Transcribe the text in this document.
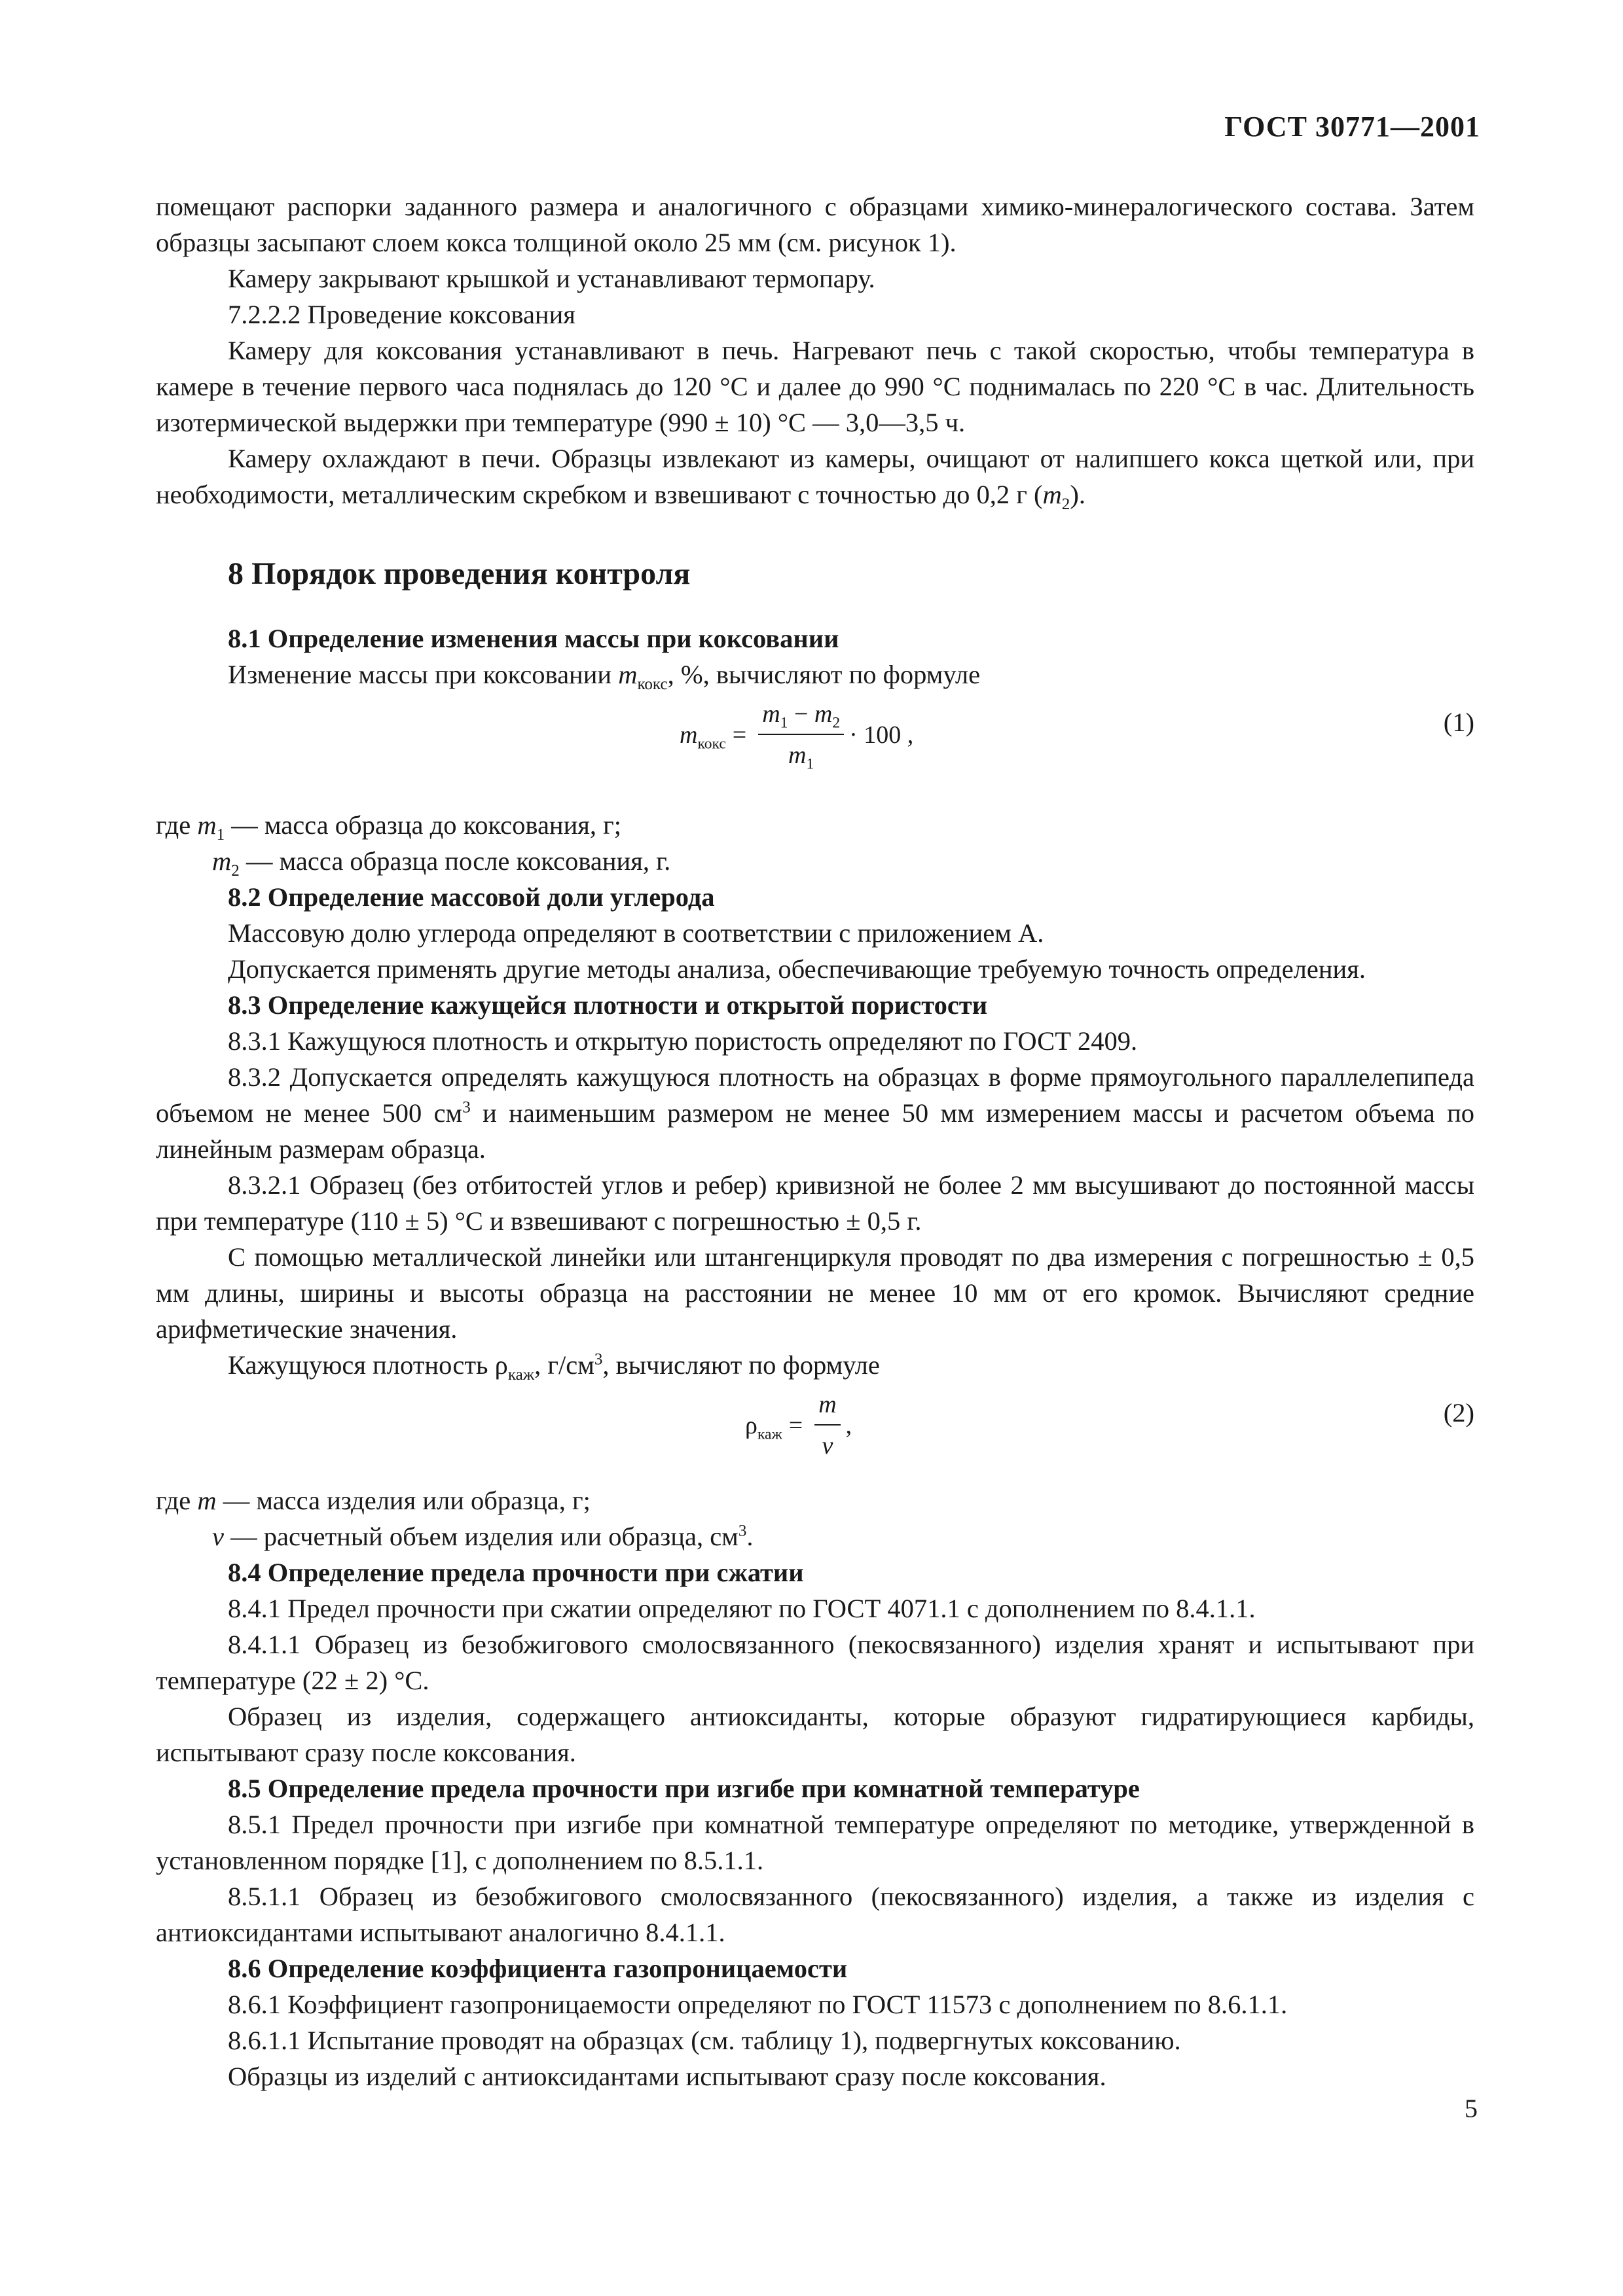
ГОСТ 30771—2001

помещают распорки заданного размера и аналогичного с образцами химико-минералогического состава. Затем образцы засыпают слоем кокса толщиной около 25 мм (см. рисунок 1).

Камеру закрывают крышкой и устанавливают термопару.

7.2.2.2 Проведение коксования

Камеру для коксования устанавливают в печь. Нагревают печь с такой скоростью, чтобы температура в камере в течение первого часа поднялась до 120 °С и далее до 990 °С поднималась по 220 °С в час. Длительность изотермической выдержки при температуре (990 ± 10) °С — 3,0—3,5 ч.

Камеру охлаждают в печи. Образцы извлекают из камеры, очищают от налипшего кокса щеткой или, при необходимости, металлическим скребком и взвешивают с точностью до 0,2 г $(m_2)$.

8 Порядок проведения контроля

8.1 Определение изменения массы при коксовании

Изменение массы при коксовании $m_{кокс}$, %, вычисляют по формуле

$m_{кокс} = \frac{m_1 - m_2}{m_1} \cdot 100$ ,	(1)

где $m_1$ — масса образца до коксования, г;

$m_2$ — масса образца после коксования, г.

8.2 Определение массовой доли углерода

Массовую долю углерода определяют в соответствии с приложением А.

Допускается применять другие методы анализа, обеспечивающие требуемую точность определения.

8.3 Определение кажущейся плотности и открытой пористости

8.3.1 Кажущуюся плотность и открытую пористость определяют по ГОСТ 2409.

8.3.2 Допускается определять кажущуюся плотность на образцах в форме прямоугольного параллелепипеда объемом не менее 500 $см^3$ и наименьшим размером не менее 50 мм измерением массы и расчетом объема по линейным размерам образца.

8.3.2.1 Образец (без отбитостей углов и ребер) кривизной не более 2 мм высушивают до постоянной массы при температуре (110 ± 5) °С и взвешивают с погрешностью ± 0,5 г.

С помощью металлической линейки или штангенциркуля проводят по два измерения с погрешностью ± 0,5 мм длины, ширины и высоты образца на расстоянии не менее 10 мм от его кромок. Вычисляют средние арифметические значения.

Кажущуюся плотность $\rho_{каж}$, $г/см^3$, вычисляют по формуле

$\rho_{каж} = \frac{m}{v}$ ,	(2)

где m — масса изделия или образца, г;

v — расчетный объем изделия или образца, $см^3$.

8.4 Определение предела прочности при сжатии

8.4.1 Предел прочности при сжатии определяют по ГОСТ 4071.1 с дополнением по 8.4.1.1.

8.4.1.1 Образец из безобжигового смолосвязанного (пекосвязанного) изделия хранят и испытывают при температуре (22 ± 2) °С.

Образец из изделия, содержащего антиоксиданты, которые образуют гидратирующиеся карбиды, испытывают сразу после коксования.

8.5 Определение предела прочности при изгибе при комнатной температуре

8.5.1 Предел прочности при изгибе при комнатной температуре определяют по методике, утвержденной в установленном порядке [1], с дополнением по 8.5.1.1.

8.5.1.1 Образец из безобжигового смолосвязанного (пекосвязанного) изделия, а также из изделия с антиоксидантами испытывают аналогично 8.4.1.1.

8.6 Определение коэффициента газопроницаемости

8.6.1 Коэффициент газопроницаемости определяют по ГОСТ 11573 с дополнением по 8.6.1.1.

8.6.1.1 Испытание проводят на образцах (см. таблицу 1), подвергнутых коксованию.

Образцы из изделий с антиоксидантами испытывают сразу после коксования.

5
